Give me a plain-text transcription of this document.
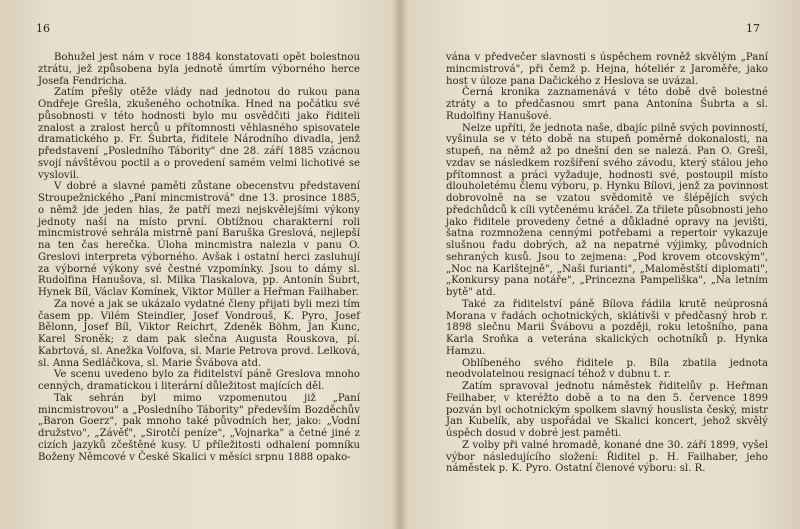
16

Bohužel jest nám v roce 1884 konstatovati opět bolestnou ztrátu, jež způsobena byla jednotě úmrtím výborného herce Josefa Fendricha.

Zatím přešly otěže vlády nad jednotou do rukou pana Ondřeje Grešla, zkušeného ochotníka. Hned na počátku své působnosti v této hodnosti bylo mu osvědčiti jako řiditeli znalost a zralost herců u přítomnosti věhlasného spisovatele dramatického p. Fr. Šubrta, řiditele Národního divadla, jenž představení „Posledního Tábority" dne 28. září 1885 vzácnou svojí návštěvou poctil a o provedení samém velmi lichotivé se vyslovil.

V dobré a slavné paměti zůstane obecenstvu představení Stroupežnického „Paní mincmistrová" dne 13. prosince 1885, o němž jde jeden hlas, že patří mezi nejskvělejšími výkony jednoty naší na místo první. Obtížnou charakterní roli mincmistrové sehrála mistrně paní Baruška Greslová, nejlepší na ten čas herečka. Úloha mincmistra nalezla v panu O. Greslovi interpreta výborného. Avšak i ostatní herci zasluhují za výborné výkony své čestné vzpomínky. Jsou to dámy sl. Rudolfina Hanušova, sl. Milka Tlaskalova, pp. Antonín Šubrt, Hynek Bíl, Václav Komínek, Viktor Müller a Heřman Failhaber.

Za nové a jak se ukázalo vydatné členy přijati byli mezi tím časem pp. Vilém Steindler, Josef Vondrouš, K. Pyro, Josef Bělonn, Josef Bíl, Viktor Reichrt, Zdeněk Böhm, Jan Kunc, Karel Sroněk; z dam pak slečna Augusta Rouskova, pí. Kabrtová, sl. Anežka Volfova, sl. Marie Petrova provd. Lelková, sl. Anna Sedláčkova, sl. Marie Švábova atd.

Ve scenu uvedeno bylo za řiditelství páně Greslova mnoho cenných, dramatickou i literární důležitost majících děl.

Tak sehrán byl mimo vzpomenutou již „Paní mincmistrovou" a „Posledního Tábority" především Bozděchův „Baron Goerz", pak mnoho také původních her, jako: „Vodní družstvo", „Závěť", „Sirotčí peníze", „Vojnarka" a četné jiné z cizích jazyků zčeštěné kusy. U příležitosti odhalení pomníku Boženy Němcové v České Skalici v měsíci srpnu 1888 opako-

17

vána v předvečer slavnosti s úspěchem rovněž skvělým „Paní mincmistrová", při čemž p. Hejna, hóteliér z Jaroměře, jako host v úloze pana Dačického z Heslova se uvázal.

Černá kronika zaznamenává v této době dvě bolestné ztráty a to předčasnou smrt pana Antonína Šubrta a sl. Rudolfiny Hanušové.

Nelze upříti, že jednota naše, dbajíc pilně svých povinností, vyšinula se v této době na stupeň poměrně dokonalosti, na stupeň, na němž až po dnešní den se nalezá. Pan O. Grešl, vzdav se následkem rozšíření svého závodu, který stálou jeho přítomnost a práci vyžaduje, hodnosti své, postoupil místo dlouholetému členu výboru, p. Hynku Bílovi, jenž za povinnost dobrovolně na se vzatou svědomitě ve šlépějích svých předchůdců k cíli vytčenému kráčel. Za třilete působnosti jeho jako řiditele provedeny četné a důkladné opravy na jevišti, šatna rozmnožena cennými potřebami a repertoir vykazuje slušnou řadu dobrých, až na nepatrné výjimky, původních sehraných kusů. Jsou to zejmena: „Pod krovem otcovským", „Noc na Karlštejně", „Naši furianti", „Maloměstští diplomati", „Konkursy pana notáře", „Princezna Pampeliška", „Na letním bytě" atd.

Také za řiditelství páně Bílova řádila krutě neúprosná Morana v řadách ochotnických, sklátivši v předčasný hrob r. 1898 slečnu Marii Švábovu a později, roku letošního, pana Karla Sroňka a veterána skalických ochotníků p. Hynka Hamzu.

Oblíbeného svého řiditele p. Bíla zbatila jednota neodvolatelnou resignací téhož v dubnu t. r.

Zatím spravoval jednotu náměstek řiditelův p. Heřman Feilhaber, v kteréžto době a to na den 5. července 1899 pozván byl ochotnickým spolkem slavný houslista český, mistr Jan Kubelík, aby uspořádal ve Skalici koncert, jehož skvělý úspěch dosud v dobré jest paměti.

Z volby při valné hromadě, konané dne 30. září 1899, vyšel výbor následujícího složení: Řiditel p. H. Failhaber, jeho náměstek p. K. Pyro. Ostatní členové výboru: sl. R.
